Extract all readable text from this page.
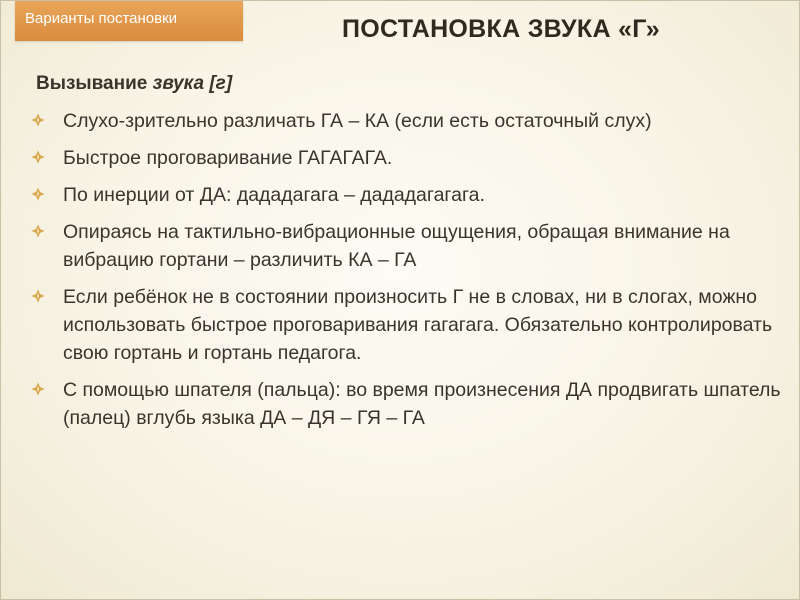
Варианты постановки	ПОСТАНОВКА ЗВУКА «Г»
Вызывание звука [г]
Слухо-зрительно различать ГА – КА (если есть остаточный слух)
Быстрое проговаривание ГАГАГАГА.
По инерции от ДА: дададагага – дададагагага.
Опираясь на тактильно-вибрационные ощущения, обращая внимание на вибрацию гортани – различить КА – ГА
Если ребёнок не в состоянии произносить Г не в словах, ни в слогах, можно использовать быстрое проговаривания гагагага. Обязательно контролировать свою гортань и гортань педагога.
С помощью шпателя (пальца): во время произнесения ДА продвигать шпатель (палец) вглубь языка ДА – ДЯ – ГЯ – ГА
